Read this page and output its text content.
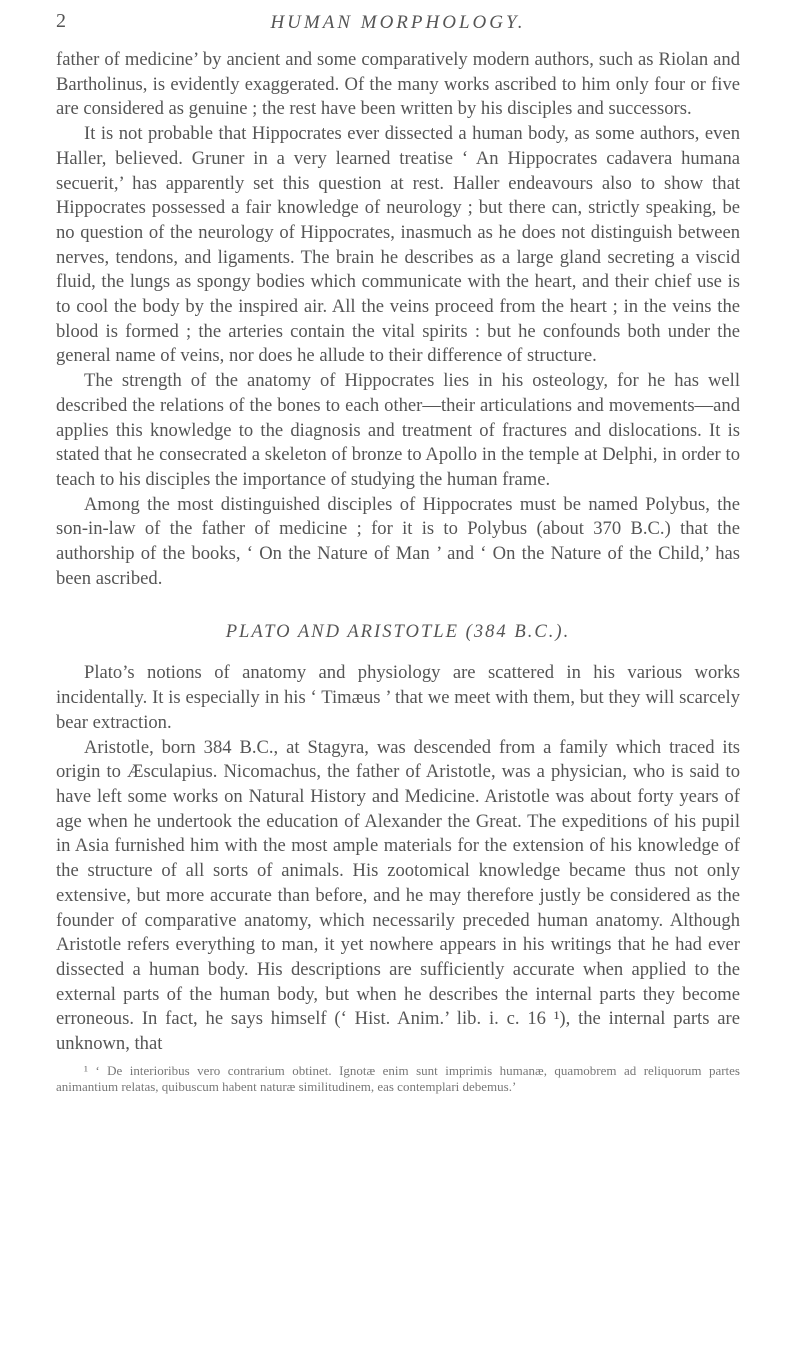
2	HUMAN MORPHOLOGY.

father of medicine’ by ancient and some comparatively modern authors, such as Riolan and Bartholinus, is evidently exaggerated. Of the many works ascribed to him only four or five are considered as genuine ; the rest have been written by his disciples and successors.

It is not probable that Hippocrates ever dissected a human body, as some authors, even Haller, believed. Gruner in a very learned treatise ‘ An Hippocrates cadavera humana secuerit,’ has apparently set this question at rest. Haller endeavours also to show that Hippocrates possessed a fair knowledge of neurology ; but there can, strictly speaking, be no question of the neurology of Hippocrates, inasmuch as he does not distinguish between nerves, tendons, and ligaments. The brain he describes as a large gland secreting a viscid fluid, the lungs as spongy bodies which communicate with the heart, and their chief use is to cool the body by the inspired air. All the veins proceed from the heart ; in the veins the blood is formed ; the arteries contain the vital spirits : but he confounds both under the general name of veins, nor does he allude to their difference of structure.

The strength of the anatomy of Hippocrates lies in his osteology, for he has well described the relations of the bones to each other—their articulations and movements—and applies this knowledge to the diagnosis and treatment of fractures and dislocations. It is stated that he consecrated a skeleton of bronze to Apollo in the temple at Delphi, in order to teach to his disciples the importance of studying the human frame.

Among the most distinguished disciples of Hippocrates must be named Polybus, the son-in-law of the father of medicine ; for it is to Polybus (about 370 B.C.) that the authorship of the books, ‘ On the Nature of Man ’ and ‘ On the Nature of the Child,’ has been ascribed.

PLATO AND ARISTOTLE (384 B.C.).

Plato’s notions of anatomy and physiology are scattered in his various works incidentally. It is especially in his ‘ Timæus ’ that we meet with them, but they will scarcely bear extraction.

Aristotle, born 384 B.C., at Stagyra, was descended from a family which traced its origin to Æsculapius. Nicomachus, the father of Aristotle, was a physician, who is said to have left some works on Natural History and Medicine. Aristotle was about forty years of age when he undertook the education of Alexander the Great. The expeditions of his pupil in Asia furnished him with the most ample materials for the extension of his knowledge of the structure of all sorts of animals. His zootomical knowledge became thus not only extensive, but more accurate than before, and he may therefore justly be considered as the founder of comparative anatomy, which necessarily preceded human anatomy. Although Aristotle refers everything to man, it yet nowhere appears in his writings that he had ever dissected a human body. His descriptions are sufficiently accurate when applied to the external parts of the human body, but when he describes the internal parts they become erroneous. In fact, he says himself (‘ Hist. Anim.’ lib. i. c. 16 ¹), the internal parts are unknown, that

¹ ‘ De interioribus vero contrarium obtinet. Ignotæ enim sunt imprimis humanæ, quamobrem ad reliquorum partes animantium relatas, quibuscum habent naturæ similitudinem, eas contemplari debemus.’
